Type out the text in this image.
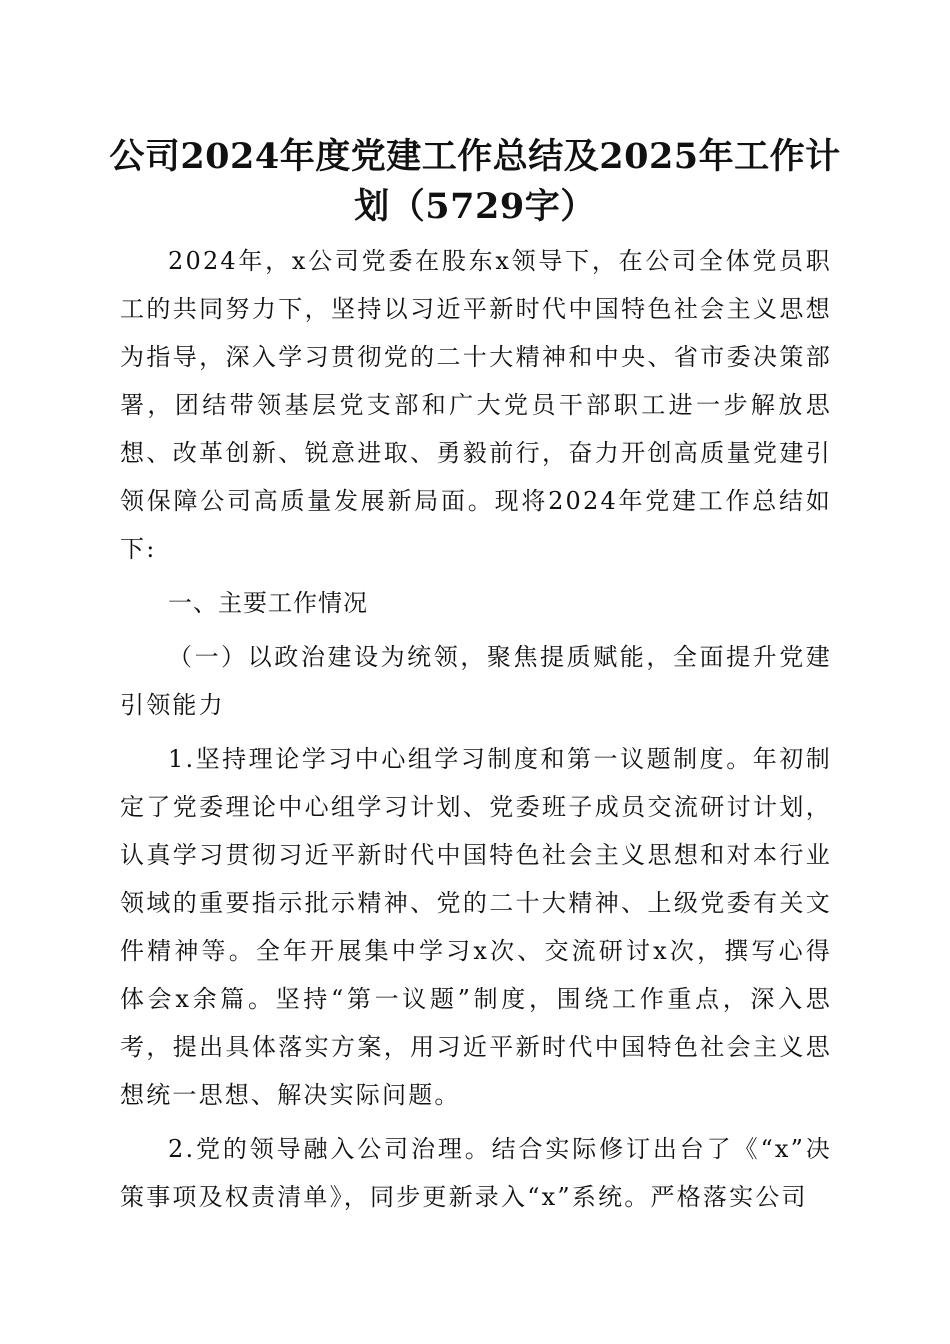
公司2024年度党建工作总结及2025年工作计划（5729字）

2024年，x公司党委在股东x领导下，在公司全体党员职工的共同努力下，坚持以习近平新时代中国特色社会主义思想为指导，深入学习贯彻党的二十大精神和中央、省市委决策部署，团结带领基层党支部和广大党员干部职工进一步解放思想、改革创新、锐意进取、勇毅前行，奋力开创高质量党建引领保障公司高质量发展新局面。现将2024年党建工作总结如下:

一、主要工作情况

（一）以政治建设为统领，聚焦提质赋能，全面提升党建引领能力

1.坚持理论学习中心组学习制度和第一议题制度。年初制定了党委理论中心组学习计划、党委班子成员交流研讨计划，认真学习贯彻习近平新时代中国特色社会主义思想和对本行业领域的重要指示批示精神、党的二十大精神、上级党委有关文件精神等。全年开展集中学习x次、交流研讨x次，撰写心得体会x余篇。坚持“第一议题”制度，围绕工作重点，深入思考，提出具体落实方案，用习近平新时代中国特色社会主义思想统一思想、解决实际问题。

2.党的领导融入公司治理。结合实际修订出台了《“x”决策事项及权责清单》，同步更新录入“x”系统。严格落实公司
